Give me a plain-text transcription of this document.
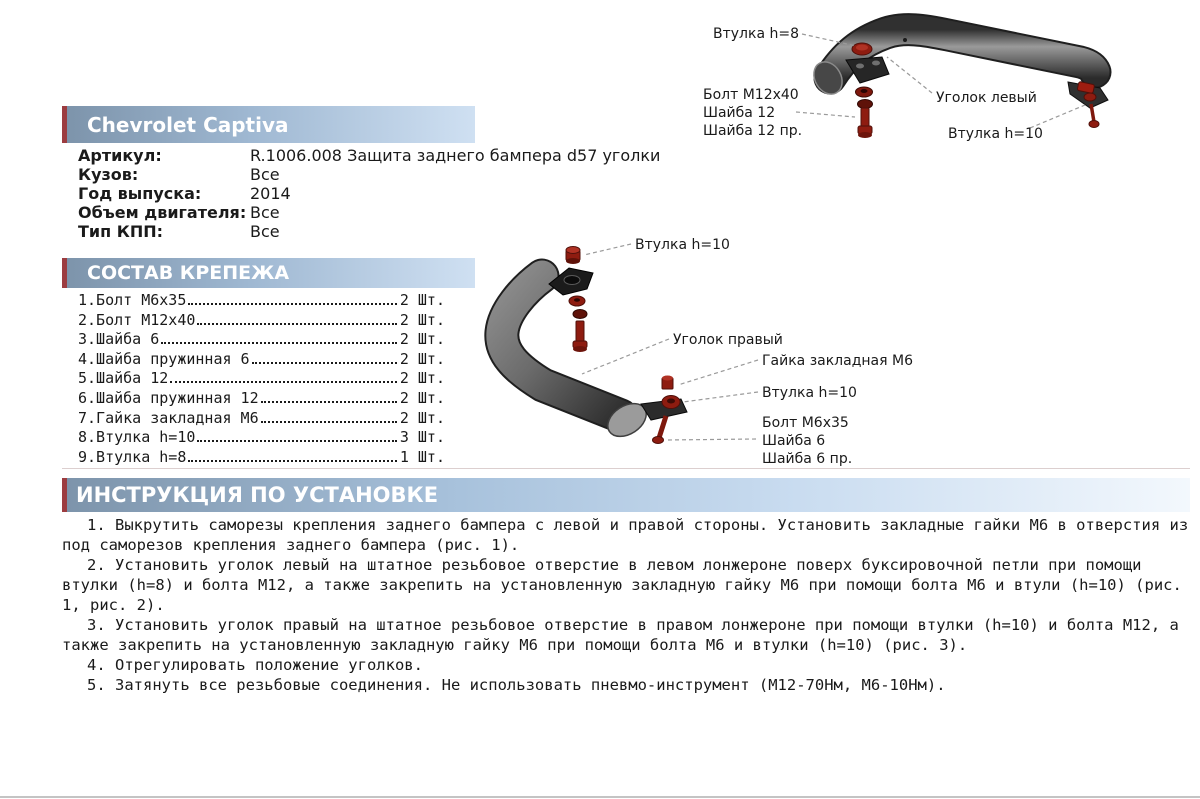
Chevrolet Captiva
Артикул:	R.1006.008 Защита заднего бампера d57 уголки
Кузов:	Все
Год выпуска:	2014
Объем двигателя: Все
Тип КПП:	Все
СОСТАВ КРЕПЕЖА
1.Болт М6х35	2 Шт.
2.Болт М12х40	2 Шт.
3.Шайба 6	2 Шт.
4.Шайба пружинная 6	2 Шт.
5.Шайба 12	2 Шт.
6.Шайба пружинная 12	2 Шт.
7.Гайка закладная М6	2 Шт.
8.Втулка h=10	3 Шт.
9.Втулка h=8	1 Шт.
ИНСТРУКЦИЯ ПО УСТАНОВКЕ

1. Выкрутить саморезы крепления заднего бампера с левой и правой стороны. Установить закладные гайки М6 в отверстия из под саморезов крепления заднего бампера (рис. 1).

2. Установить уголок левый на штатное резьбовое отверстие в левом лонжероне поверх буксировочной петли при помощи втулки (h=8) и болта М12, а также закрепить на установленную закладную гайку М6 при помощи болта М6 и втули (h=10) (рис. 1, рис. 2).

3. Установить уголок правый на штатное резьбовое отверстие в правом лонжероне при помощи втулки (h=10) и болта М12, а также закрепить на установленную закладную гайку М6 при помощи болта М6 и втулки (h=10) (рис. 3).

4. Отрегулировать положение уголков.

5. Затянуть все резьбовые соединения. Не использовать пневмо-инструмент (М12-70Нм, М6-10Нм).

Втулка h=8
Болт М12х40
Шайба 12
Шайба 12 пр.
Уголок левый
Втулка h=10
Втулка h=10
Уголок правый
Гайка закладная М6
Втулка h=10
Болт М6х35
Шайба 6
Шайба 6 пр.
